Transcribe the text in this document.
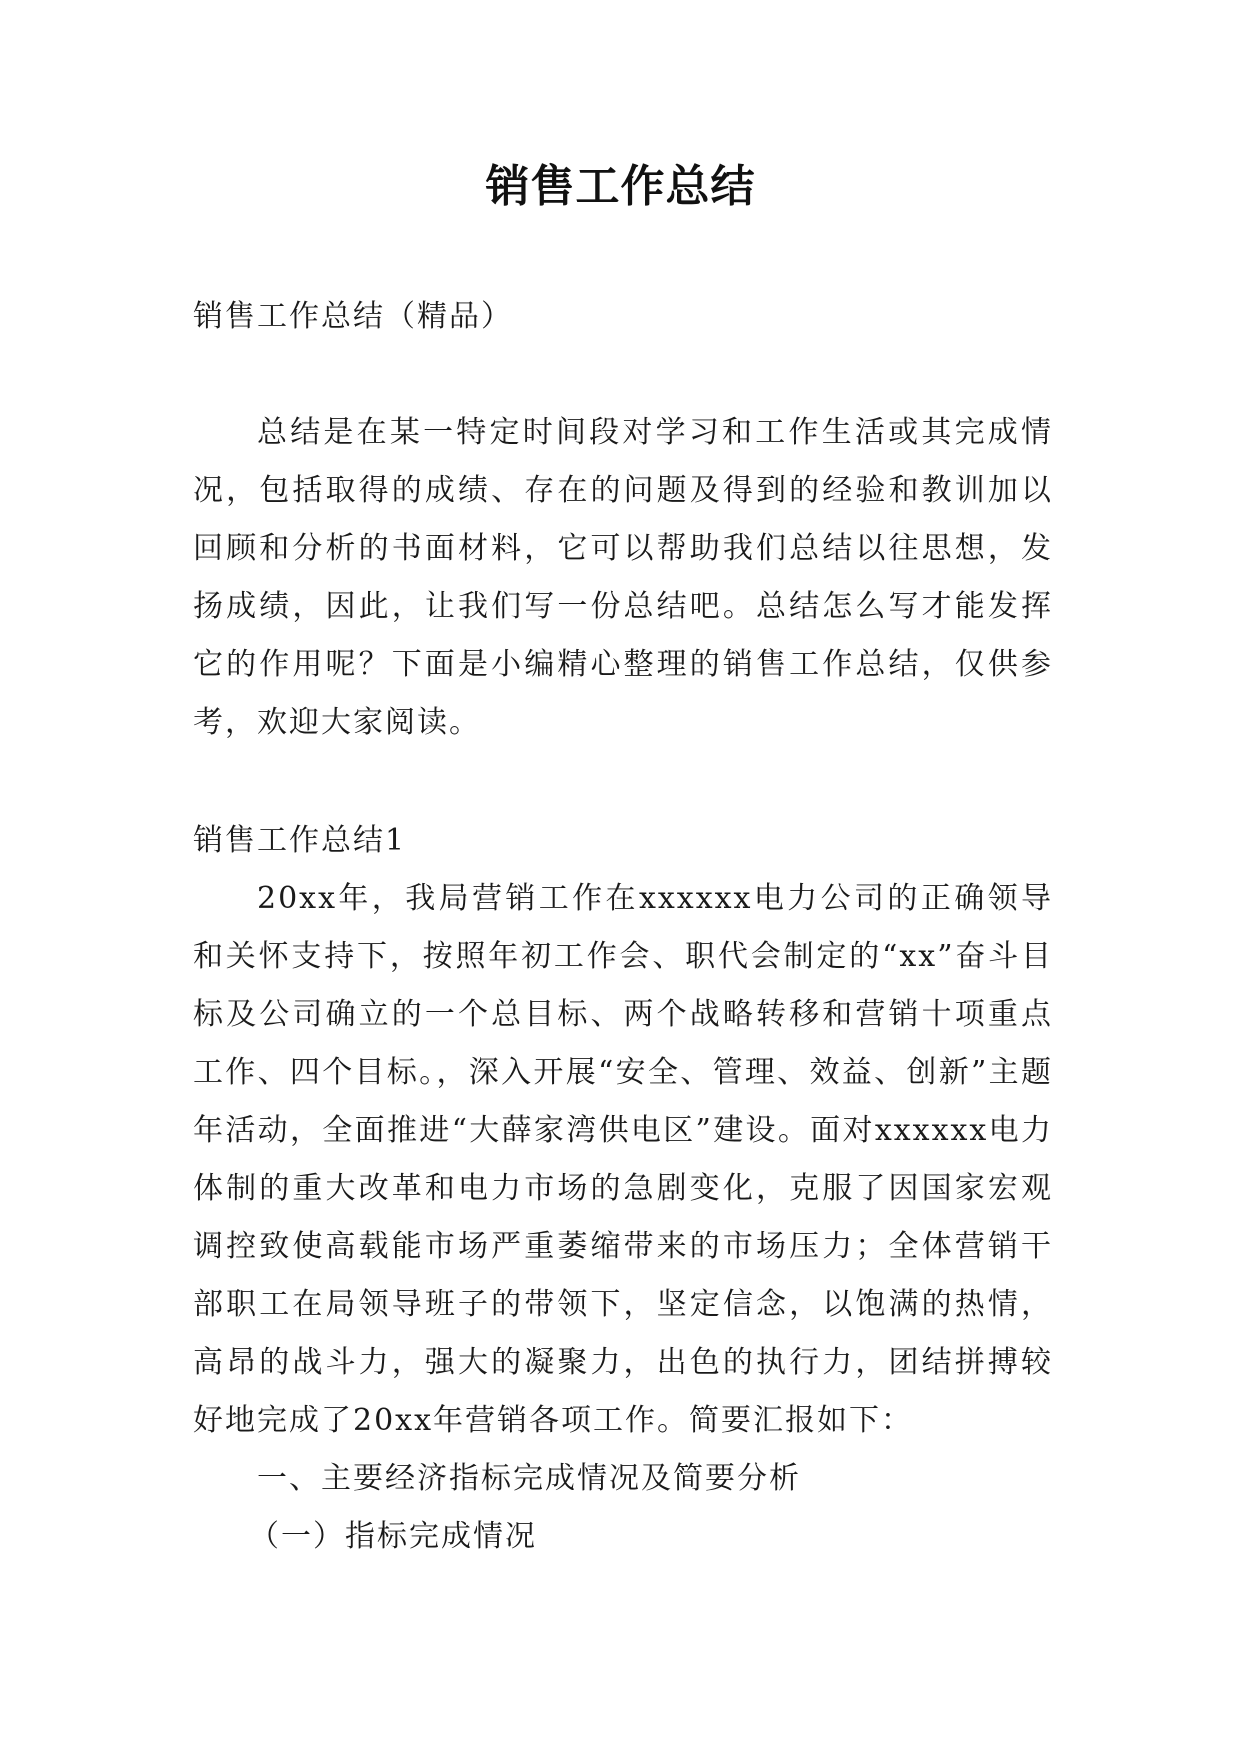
销售工作总结

销售工作总结（精品）

总结是在某一特定时间段对学习和工作生活或其完成情况，包括取得的成绩、存在的问题及得到的经验和教训加以回顾和分析的书面材料，它可以帮助我们总结以往思想，发扬成绩，因此，让我们写一份总结吧。总结怎么写才能发挥它的作用呢？下面是小编精心整理的销售工作总结，仅供参考，欢迎大家阅读。

销售工作总结1

20xx年，我局营销工作在xxxxxx电力公司的正确领导和关怀支持下，按照年初工作会、职代会制定的“xx”奋斗目标及公司确立的一个总目标、两个战略转移和营销十项重点工作、四个目标。，深入开展“安全、管理、效益、创新”主题年活动，全面推进“大薛家湾供电区”建设。面对xxxxxx电力体制的重大改革和电力市场的急剧变化，克服了因国家宏观调控致使高载能市场严重萎缩带来的市场压力；全体营销干部职工在局领导班子的带领下，坚定信念，以饱满的热情，高昂的战斗力，强大的凝聚力，出色的执行力，团结拼搏较好地完成了20xx年营销各项工作。简要汇报如下：

一、主要经济指标完成情况及简要分析

（一）指标完成情况
